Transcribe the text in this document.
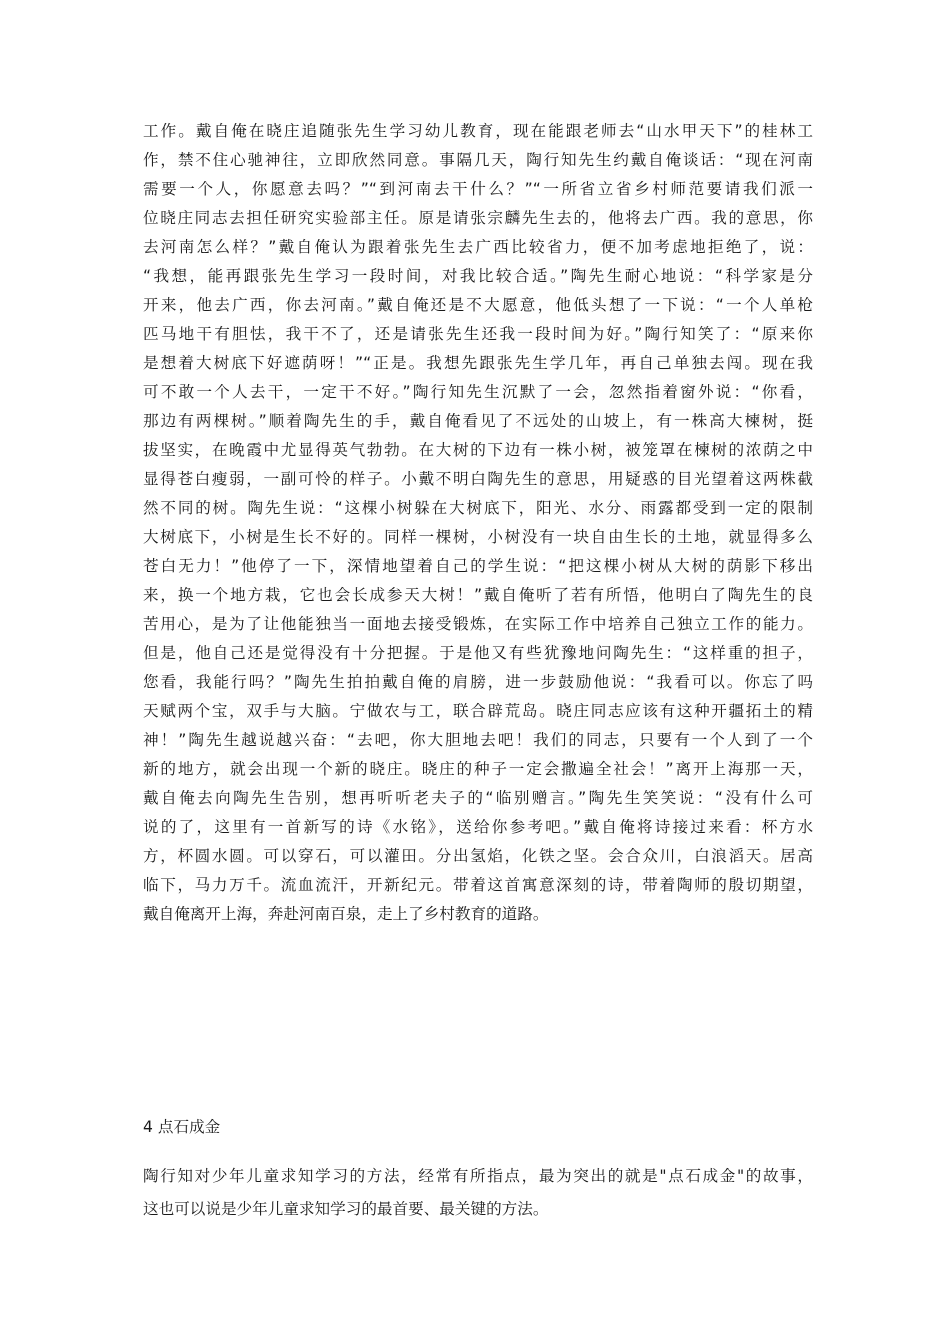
工作。戴自俺在晓庄追随张先生学习幼儿教育，现在能跟老师去“山水甲天下”的桂林工
作，禁不住心驰神往，立即欣然同意。事隔几天，陶行知先生约戴自俺谈话：“现在河南
需要一个人，你愿意去吗？”“到河南去干什么？”“一所省立省乡村师范要请我们派一
位晓庄同志去担任研究实验部主任。原是请张宗麟先生去的，他将去广西。我的意思，你
去河南怎么样？”戴自俺认为跟着张先生去广西比较省力，便不加考虑地拒绝了，说：
“我想，能再跟张先生学习一段时间，对我比较合适。”陶先生耐心地说：“科学家是分
开来，他去广西，你去河南。”戴自俺还是不大愿意，他低头想了一下说：“一个人单枪
匹马地干有胆怯，我干不了，还是请张先生还我一段时间为好。”陶行知笑了：“原来你
是想着大树底下好遮荫呀！”“正是。我想先跟张先生学几年，再自己单独去闯。现在我
可不敢一个人去干，一定干不好。”陶行知先生沉默了一会，忽然指着窗外说：“你看，
那边有两棵树。”顺着陶先生的手，戴自俺看见了不远处的山坡上，有一株高大楝树，挺
拔坚实，在晚霞中尤显得英气勃勃。在大树的下边有一株小树，被笼罩在楝树的浓荫之中
显得苍白瘦弱，一副可怜的样子。小戴不明白陶先生的意思，用疑惑的目光望着这两株截
然不同的树。陶先生说：“这棵小树躲在大树底下，阳光、水分、雨露都受到一定的限制
大树底下，小树是生长不好的。同样一棵树，小树没有一块自由生长的土地，就显得多么
苍白无力！”他停了一下，深情地望着自己的学生说：“把这棵小树从大树的荫影下移出
来，换一个地方栽，它也会长成参天大树！”戴自俺听了若有所悟，他明白了陶先生的良
苦用心，是为了让他能独当一面地去接受锻炼，在实际工作中培养自己独立工作的能力。
但是，他自己还是觉得没有十分把握。于是他又有些犹豫地问陶先生：“这样重的担子，
您看，我能行吗？”陶先生拍拍戴自俺的肩膀，进一步鼓励他说：“我看可以。你忘了吗
天赋两个宝，双手与大脑。宁做农与工，联合辟荒岛。晓庄同志应该有这种开疆拓土的精
神！”陶先生越说越兴奋：“去吧，你大胆地去吧！我们的同志，只要有一个人到了一个
新的地方，就会出现一个新的晓庄。晓庄的种子一定会撒遍全社会！”离开上海那一天，
戴自俺去向陶先生告别，想再听听老夫子的“临别赠言。”陶先生笑笑说：“没有什么可
说的了，这里有一首新写的诗《水铭》，送给你参考吧。”戴自俺将诗接过来看：杯方水
方，杯圆水圆。可以穿石，可以灌田。分出氢焰，化铁之坚。会合众川，白浪滔天。居高
临下，马力万千。流血流汗，开新纪元。带着这首寓意深刻的诗，带着陶师的殷切期望，
戴自俺离开上海，奔赴河南百泉，走上了乡村教育的道路。
4 点石成金
陶行知对少年儿童求知学习的方法，经常有所指点，最为突出的就是"点石成金"的故事，
这也可以说是少年儿童求知学习的最首要、最关键的方法。
